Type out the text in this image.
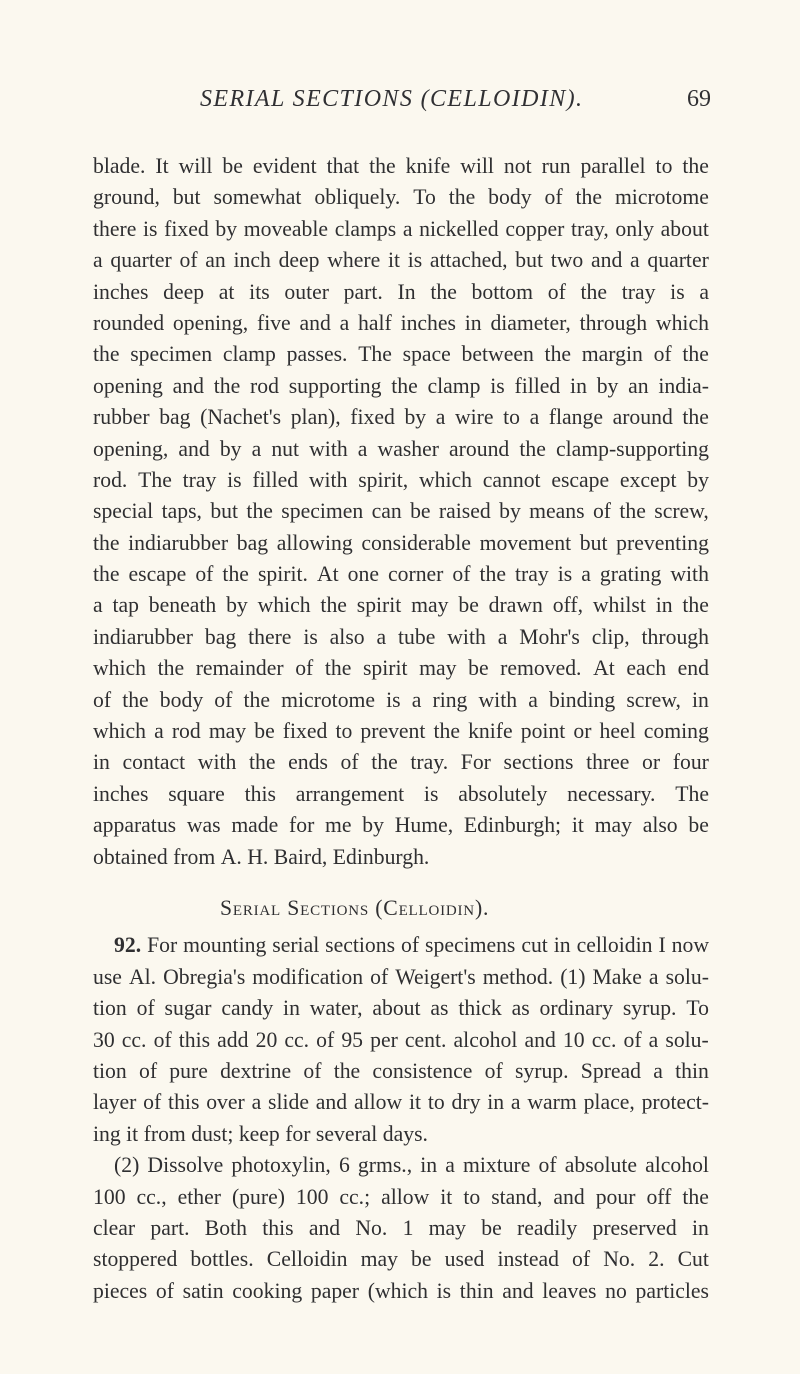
SERIAL SECTIONS (CELLOIDIN).	69
blade. It will be evident that the knife will not run parallel to the
ground, but somewhat obliquely. To the body of the microtome
there is fixed by moveable clamps a nickelled copper tray, only about
a quarter of an inch deep where it is attached, but two and a quarter
inches deep at its outer part. In the bottom of the tray is a
rounded opening, five and a half inches in diameter, through which
the specimen clamp passes. The space between the margin of the
opening and the rod supporting the clamp is filled in by an india-
rubber bag (Nachet's plan), fixed by a wire to a flange around the
opening, and by a nut with a washer around the clamp-supporting
rod. The tray is filled with spirit, which cannot escape except by
special taps, but the specimen can be raised by means of the screw,
the indiarubber bag allowing considerable movement but preventing
the escape of the spirit. At one corner of the tray is a grating with
a tap beneath by which the spirit may be drawn off, whilst in the
indiarubber bag there is also a tube with a Mohr's clip, through
which the remainder of the spirit may be removed. At each end
of the body of the microtome is a ring with a binding screw, in
which a rod may be fixed to prevent the knife point or heel coming
in contact with the ends of the tray. For sections three or four
inches square this arrangement is absolutely necessary. The
apparatus was made for me by Hume, Edinburgh; it may also be
obtained from A. H. Baird, Edinburgh.
Serial Sections (Celloidin).
92. For mounting serial sections of specimens cut in celloidin I now
use Al. Obregia's modification of Weigert's method. (1) Make a solu-
tion of sugar candy in water, about as thick as ordinary syrup. To
30 cc. of this add 20 cc. of 95 per cent. alcohol and 10 cc. of a solu-
tion of pure dextrine of the consistence of syrup. Spread a thin
layer of this over a slide and allow it to dry in a warm place, protect-
ing it from dust; keep for several days.
(2) Dissolve photoxylin, 6 grms., in a mixture of absolute alcohol
100 cc., ether (pure) 100 cc.; allow it to stand, and pour off the
clear part. Both this and No. 1 may be readily preserved in
stoppered bottles. Celloidin may be used instead of No. 2. Cut
pieces of satin cooking paper (which is thin and leaves no particles
